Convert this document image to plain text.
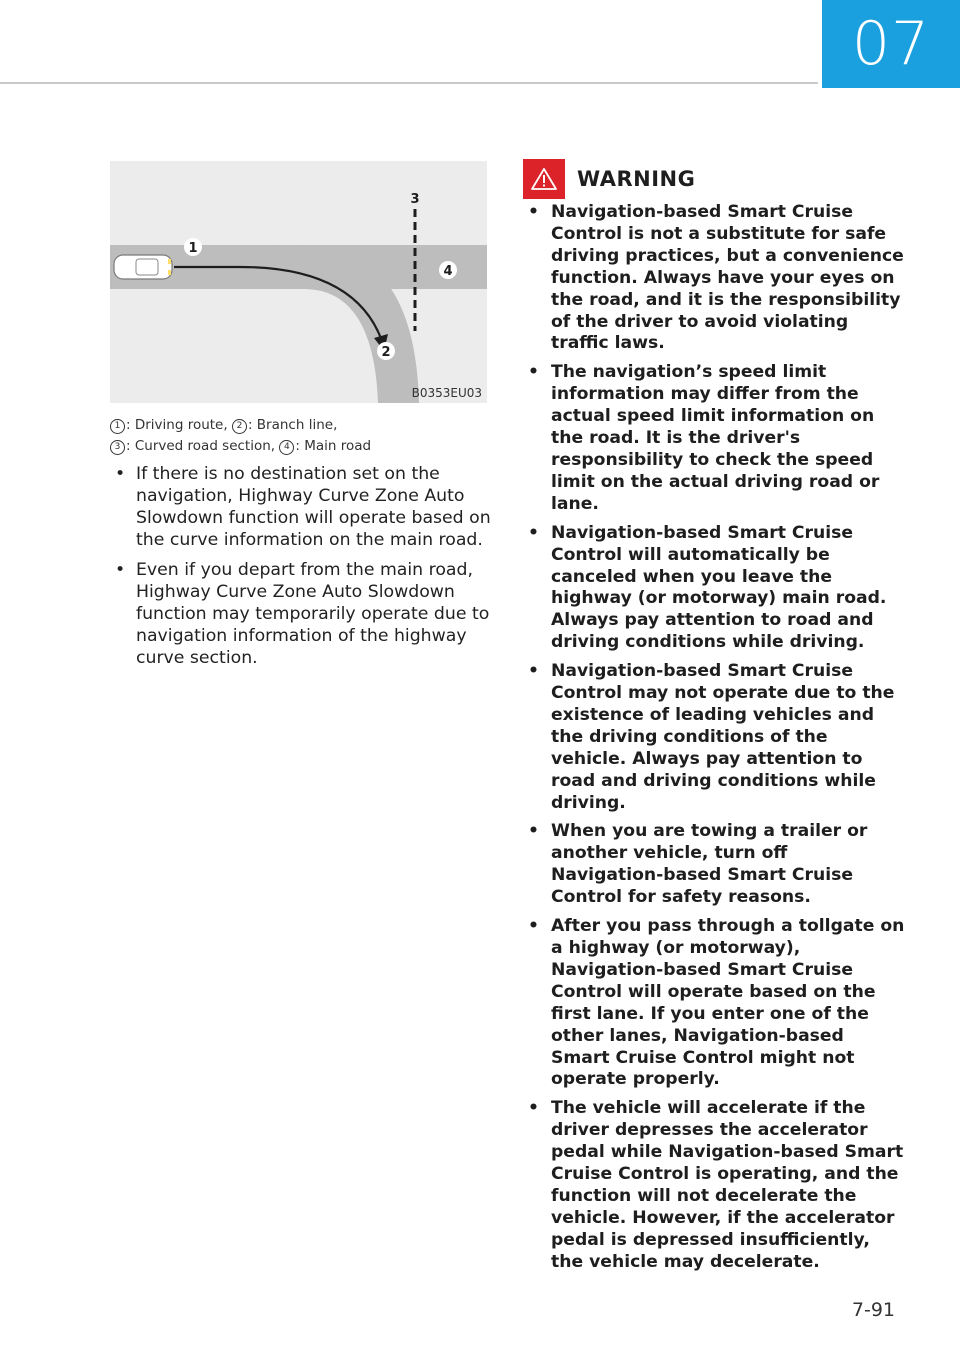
07
1
2
3
4
B0353EU03
1 : Driving route, 2 : Branch line,
3 : Curved road section, 4 : Main road
• If there is no destination set on the navigation, Highway Curve Zone Auto Slowdown function will operate based on the curve information on the main road.
• Even if you depart from the main road, Highway Curve Zone Auto Slowdown function may temporarily operate due to navigation information of the highway curve section.
WARNING
• Navigation-based Smart Cruise Control is not a substitute for safe driving practices, but a convenience function. Always have your eyes on the road, and it is the responsibility of the driver to avoid violating traffic laws.
• The navigation’s speed limit information may differ from the actual speed limit information on the road. It is the driver's responsibility to check the speed limit on the actual driving road or lane.
• Navigation-based Smart Cruise Control will automatically be canceled when you leave the highway (or motorway) main road. Always pay attention to road and driving conditions while driving.
• Navigation-based Smart Cruise Control may not operate due to the existence of leading vehicles and the driving conditions of the vehicle. Always pay attention to road and driving conditions while driving.
• When you are towing a trailer or another vehicle, turn off Navigation-based Smart Cruise Control for safety reasons.
• After you pass through a tollgate on a highway (or motorway), Navigation-based Smart Cruise Control will operate based on the first lane. If you enter one of the other lanes, Navigation-based Smart Cruise Control might not operate properly.
• The vehicle will accelerate if the driver depresses the accelerator pedal while Navigation-based Smart Cruise Control is operating, and the function will not decelerate the vehicle. However, if the accelerator pedal is depressed insufficiently, the vehicle may decelerate.
7-91
